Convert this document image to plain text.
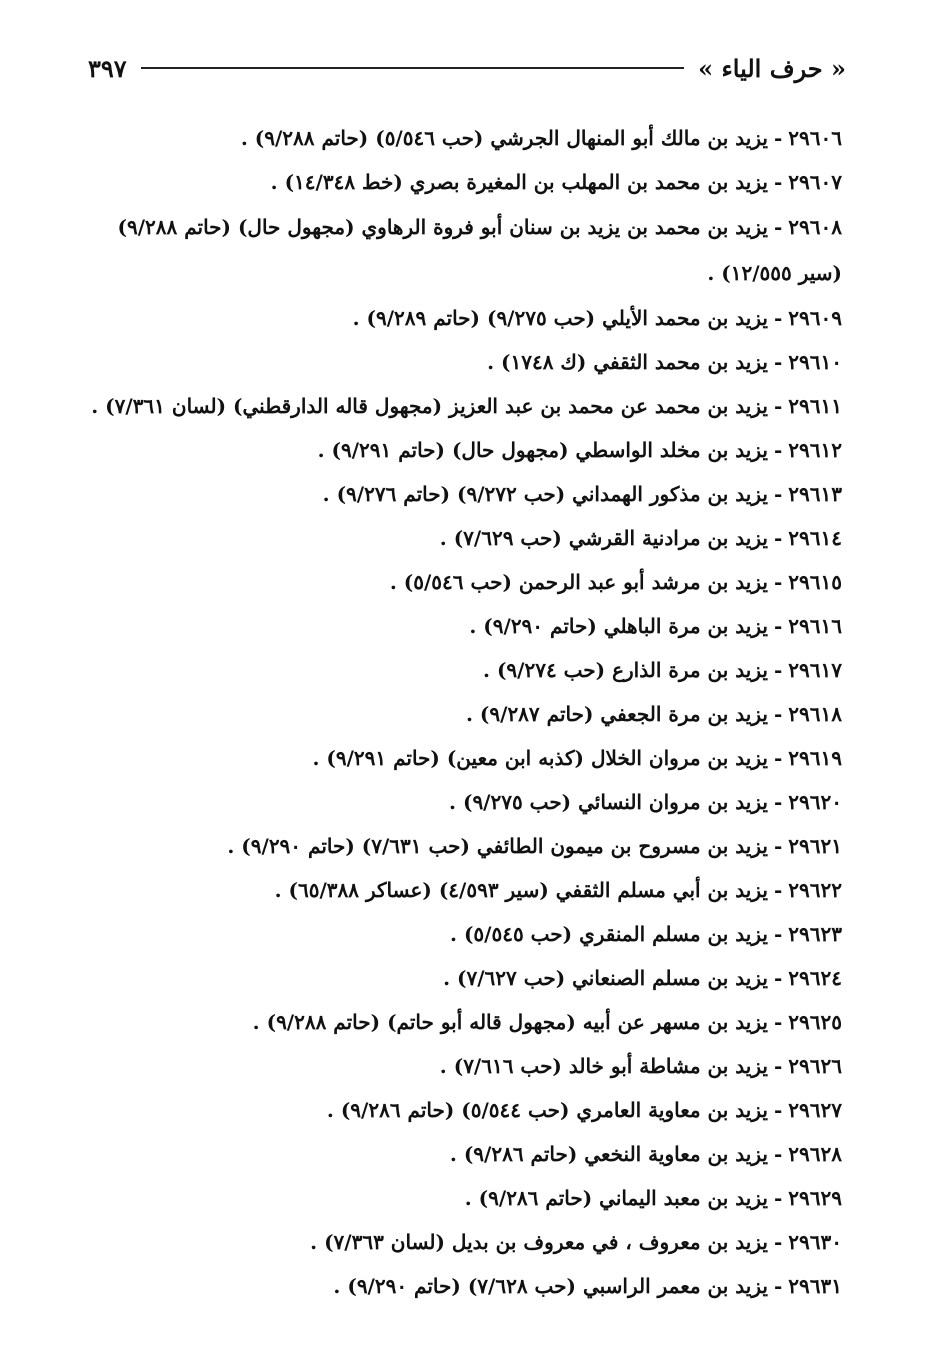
« حرف الياء »
٣٩٧
٢٩٦٠٦-يزيد بن مالك أبو المنهال الجرشي (حب ٥/٥٤٦) (حاتم ٩/٢٨٨) .
٢٩٦٠٧-يزيد بن محمد بن المهلب بن المغيرة بصري (خط ١٤/٣٤٨) .
٢٩٦٠٨-يزيد بن محمد بن يزيد بن سنان أبو فروة الرهاوي (مجهول حال) (حاتم ٩/٢٨٨) (سير ١٢/٥٥٥) .
٢٩٦٠٩-يزيد بن محمد الأيلي (حب ٩/٢٧٥) (حاتم ٩/٢٨٩) .
٢٩٦١٠-يزيد بن محمد الثقفي (ك ١٧٤٨) .
٢٩٦١١-يزيد بن محمد عن محمد بن عبد العزيز (مجهول قاله الدارقطني) (لسان ٧/٣٦١) .
٢٩٦١٢-يزيد بن مخلد الواسطي (مجهول حال) (حاتم ٩/٢٩١) .
٢٩٦١٣-يزيد بن مذكور الهمداني (حب ٩/٢٧٢) (حاتم ٩/٢٧٦) .
٢٩٦١٤-يزيد بن مرادنية القرشي (حب ٧/٦٢٩) .
٢٩٦١٥-يزيد بن مرشد أبو عبد الرحمن (حب ٥/٥٤٦) .
٢٩٦١٦-يزيد بن مرة الباهلي (حاتم ٩/٢٩٠) .
٢٩٦١٧-يزيد بن مرة الذارع (حب ٩/٢٧٤) .
٢٩٦١٨-يزيد بن مرة الجعفي (حاتم ٩/٢٨٧) .
٢٩٦١٩-يزيد بن مروان الخلال (كذبه ابن معين) (حاتم ٩/٢٩١) .
٢٩٦٢٠-يزيد بن مروان النسائي (حب ٩/٢٧٥) .
٢٩٦٢١-يزيد بن مسروح بن ميمون الطائفي (حب ٧/٦٣١) (حاتم ٩/٢٩٠) .
٢٩٦٢٢-يزيد بن أبي مسلم الثقفي (سير ٤/٥٩٣) (عساكر ٦٥/٣٨٨) .
٢٩٦٢٣-يزيد بن مسلم المنقري (حب ٥/٥٤٥) .
٢٩٦٢٤-يزيد بن مسلم الصنعاني (حب ٧/٦٢٧) .
٢٩٦٢٥-يزيد بن مسهر عن أبيه (مجهول قاله أبو حاتم) (حاتم ٩/٢٨٨) .
٢٩٦٢٦-يزيد بن مشاطة أبو خالد (حب ٧/٦١٦) .
٢٩٦٢٧-يزيد بن معاوية العامري (حب ٥/٥٤٤) (حاتم ٩/٢٨٦) .
٢٩٦٢٨-يزيد بن معاوية النخعي (حاتم ٩/٢٨٦) .
٢٩٦٢٩-يزيد بن معبد اليماني (حاتم ٩/٢٨٦) .
٢٩٦٣٠-يزيد بن معروف ، في معروف بن بديل (لسان ٧/٣٦٣) .
٢٩٦٣١-يزيد بن معمر الراسبي (حب ٧/٦٢٨) (حاتم ٩/٢٩٠) .
